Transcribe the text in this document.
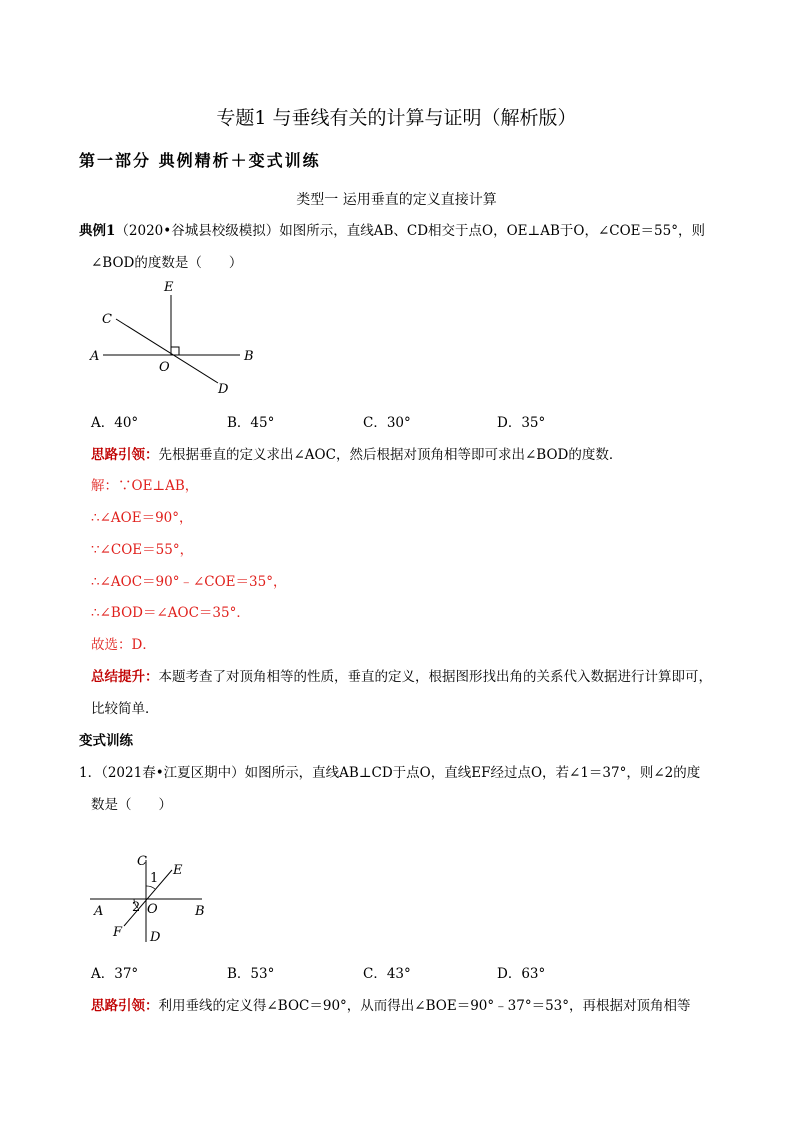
专题1 与垂线有关的计算与证明（解析版）
第一部分 典例精析＋变式训练
类型一 运用垂直的定义直接计算
典例1（2020•谷城县校级模拟）如图所示，直线AB、CD相交于点O，OE⊥AB于O，∠COE＝55°，则
∠BOD的度数是（　　）
E
C
A	B
O
D
A．40°	B．45°	C．30°	D．35°
思路引领：先根据垂直的定义求出∠AOC，然后根据对顶角相等即可求出∠BOD的度数．
解：∵OE⊥AB，
∴∠AOE＝90°，
∵∠COE＝55°，
∴∠AOC＝90°﹣∠COE＝35°，
∴∠BOD＝∠AOC＝35°．
故选：D．
总结提升：本题考查了对顶角相等的性质，垂直的定义，根据图形找出角的关系代入数据进行计算即可，
比较简单．
变式训练
1．（2021春•江夏区期中）如图所示，直线AB⊥CD于点O，直线EF经过点O，若∠1＝37°，则∠2的度
数是（　　）
C
E
1
A 2 O	B
F D
A．37°	B．53°	C．43°	D．63°
思路引领：利用垂线的定义得∠BOC＝90°，从而得出∠BOE＝90°﹣37°＝53°，再根据对顶角相等
